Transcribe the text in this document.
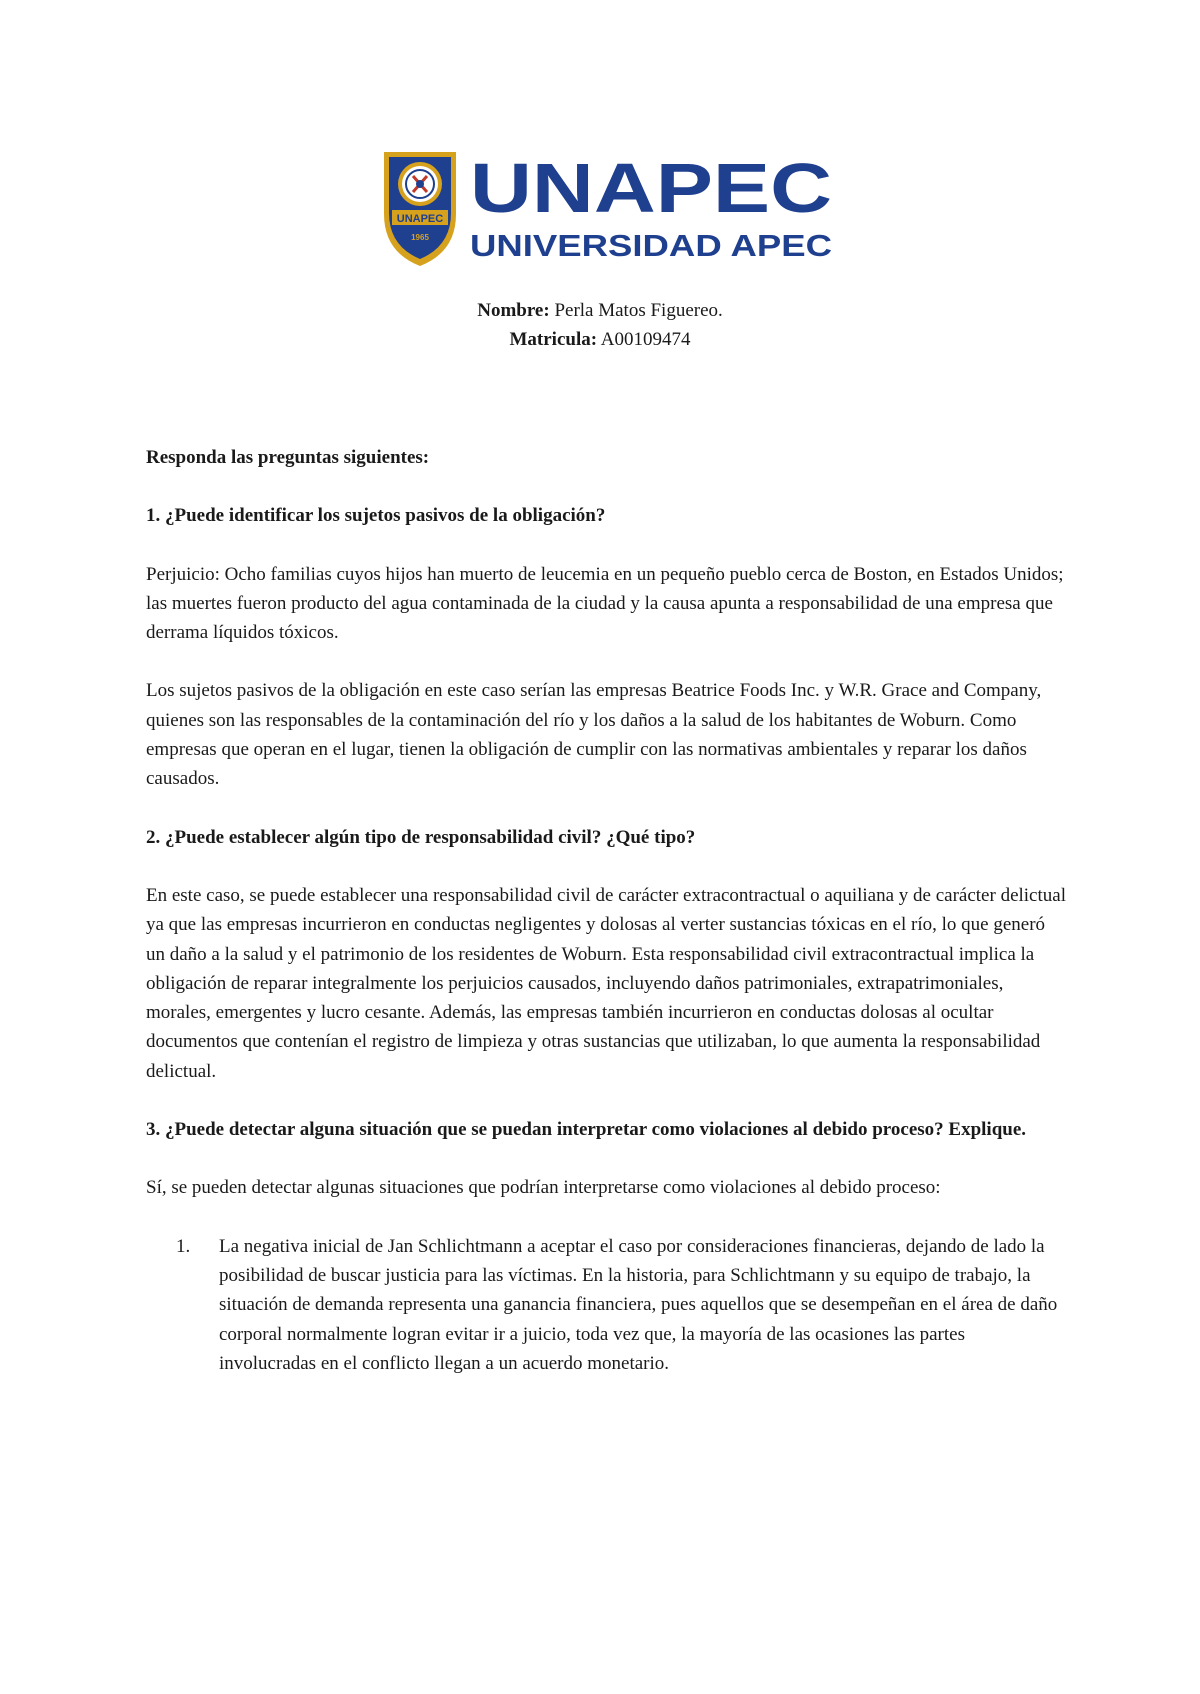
UNAPEC
1965
UNAPEC
UNIVERSIDAD APEC
Nombre: Perla Matos Figuereo.
Matricula: A00109474

Responda las preguntas siguientes:

1. ¿Puede identificar los sujetos pasivos de la obligación?

Perjuicio: Ocho familias cuyos hijos han muerto de leucemia en un pequeño pueblo cerca de Boston, en Estados Unidos; las muertes fueron producto del agua contaminada de la ciudad y la causa apunta a responsabilidad de una empresa que derrama líquidos tóxicos.

Los sujetos pasivos de la obligación en este caso serían las empresas Beatrice Foods Inc. y W.R. Grace and Company, quienes son las responsables de la contaminación del río y los daños a la salud de los habitantes de Woburn. Como empresas que operan en el lugar, tienen la obligación de cumplir con las normativas ambientales y reparar los daños causados.

2. ¿Puede establecer algún tipo de responsabilidad civil? ¿Qué tipo?

En este caso, se puede establecer una responsabilidad civil de carácter extracontractual o aquiliana y de carácter delictual ya que las empresas incurrieron en conductas negligentes y dolosas al verter sustancias tóxicas en el río, lo que generó un daño a la salud y el patrimonio de los residentes de Woburn. Esta responsabilidad civil extracontractual implica la obligación de reparar integralmente los perjuicios causados, incluyendo daños patrimoniales, extrapatrimoniales, morales, emergentes y lucro cesante. Además, las empresas también incurrieron en conductas dolosas al ocultar documentos que contenían el registro de limpieza y otras sustancias que utilizaban, lo que aumenta la responsabilidad delictual.

3. ¿Puede detectar alguna situación que se puedan interpretar como violaciones al debido proceso? Explique.

Sí, se pueden detectar algunas situaciones que podrían interpretarse como violaciones al debido proceso:

1. La negativa inicial de Jan Schlichtmann a aceptar el caso por consideraciones financieras, dejando de lado la posibilidad de buscar justicia para las víctimas. En la historia, para Schlichtmann y su equipo de trabajo, la situación de demanda representa una ganancia financiera, pues aquellos que se desempeñan en el área de daño corporal normalmente logran evitar ir a juicio, toda vez que, la mayoría de las ocasiones las partes involucradas en el conflicto llegan a un acuerdo monetario.
